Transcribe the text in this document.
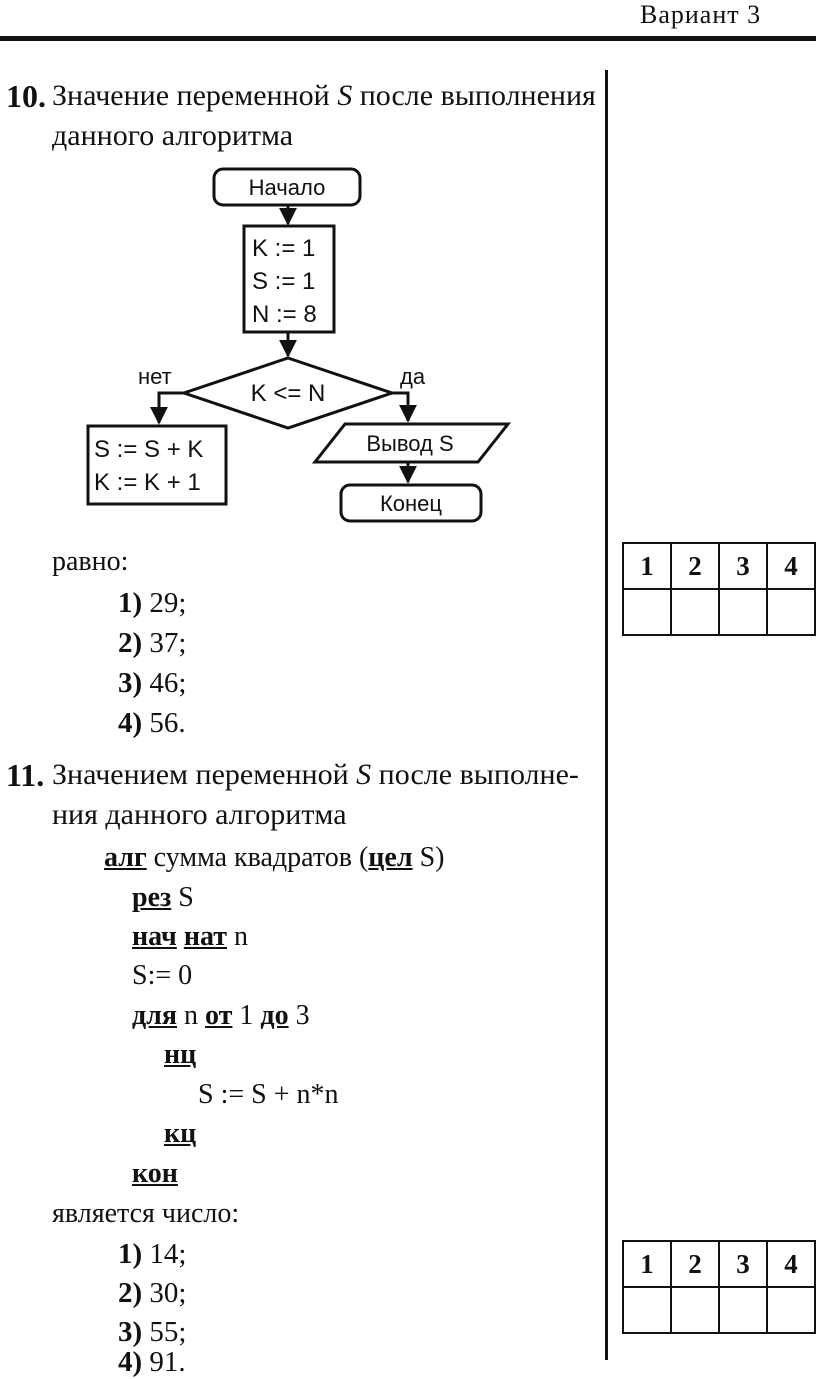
Вариант 3
10. Значение переменной S после выполнения
данного алгоритма
Начало
K := 1
S := 1
N := 8
K <= N
нет	да
S := S + K
K := K + 1
Вывод S
Конец
равно:
1) 29;
2) 37;
3) 46;
4) 56.
1	2	3	4

11. Значением переменной S после выполне-
ния данного алгоритма
алг сумма квадратов (цел S)
рез S
нач нат n
S:= 0
для n от 1 до 3
нц
S := S + n*n
кц
кон
является число:
1) 14;
2) 30;
3) 55;
4) 91.
1	2	3	4
